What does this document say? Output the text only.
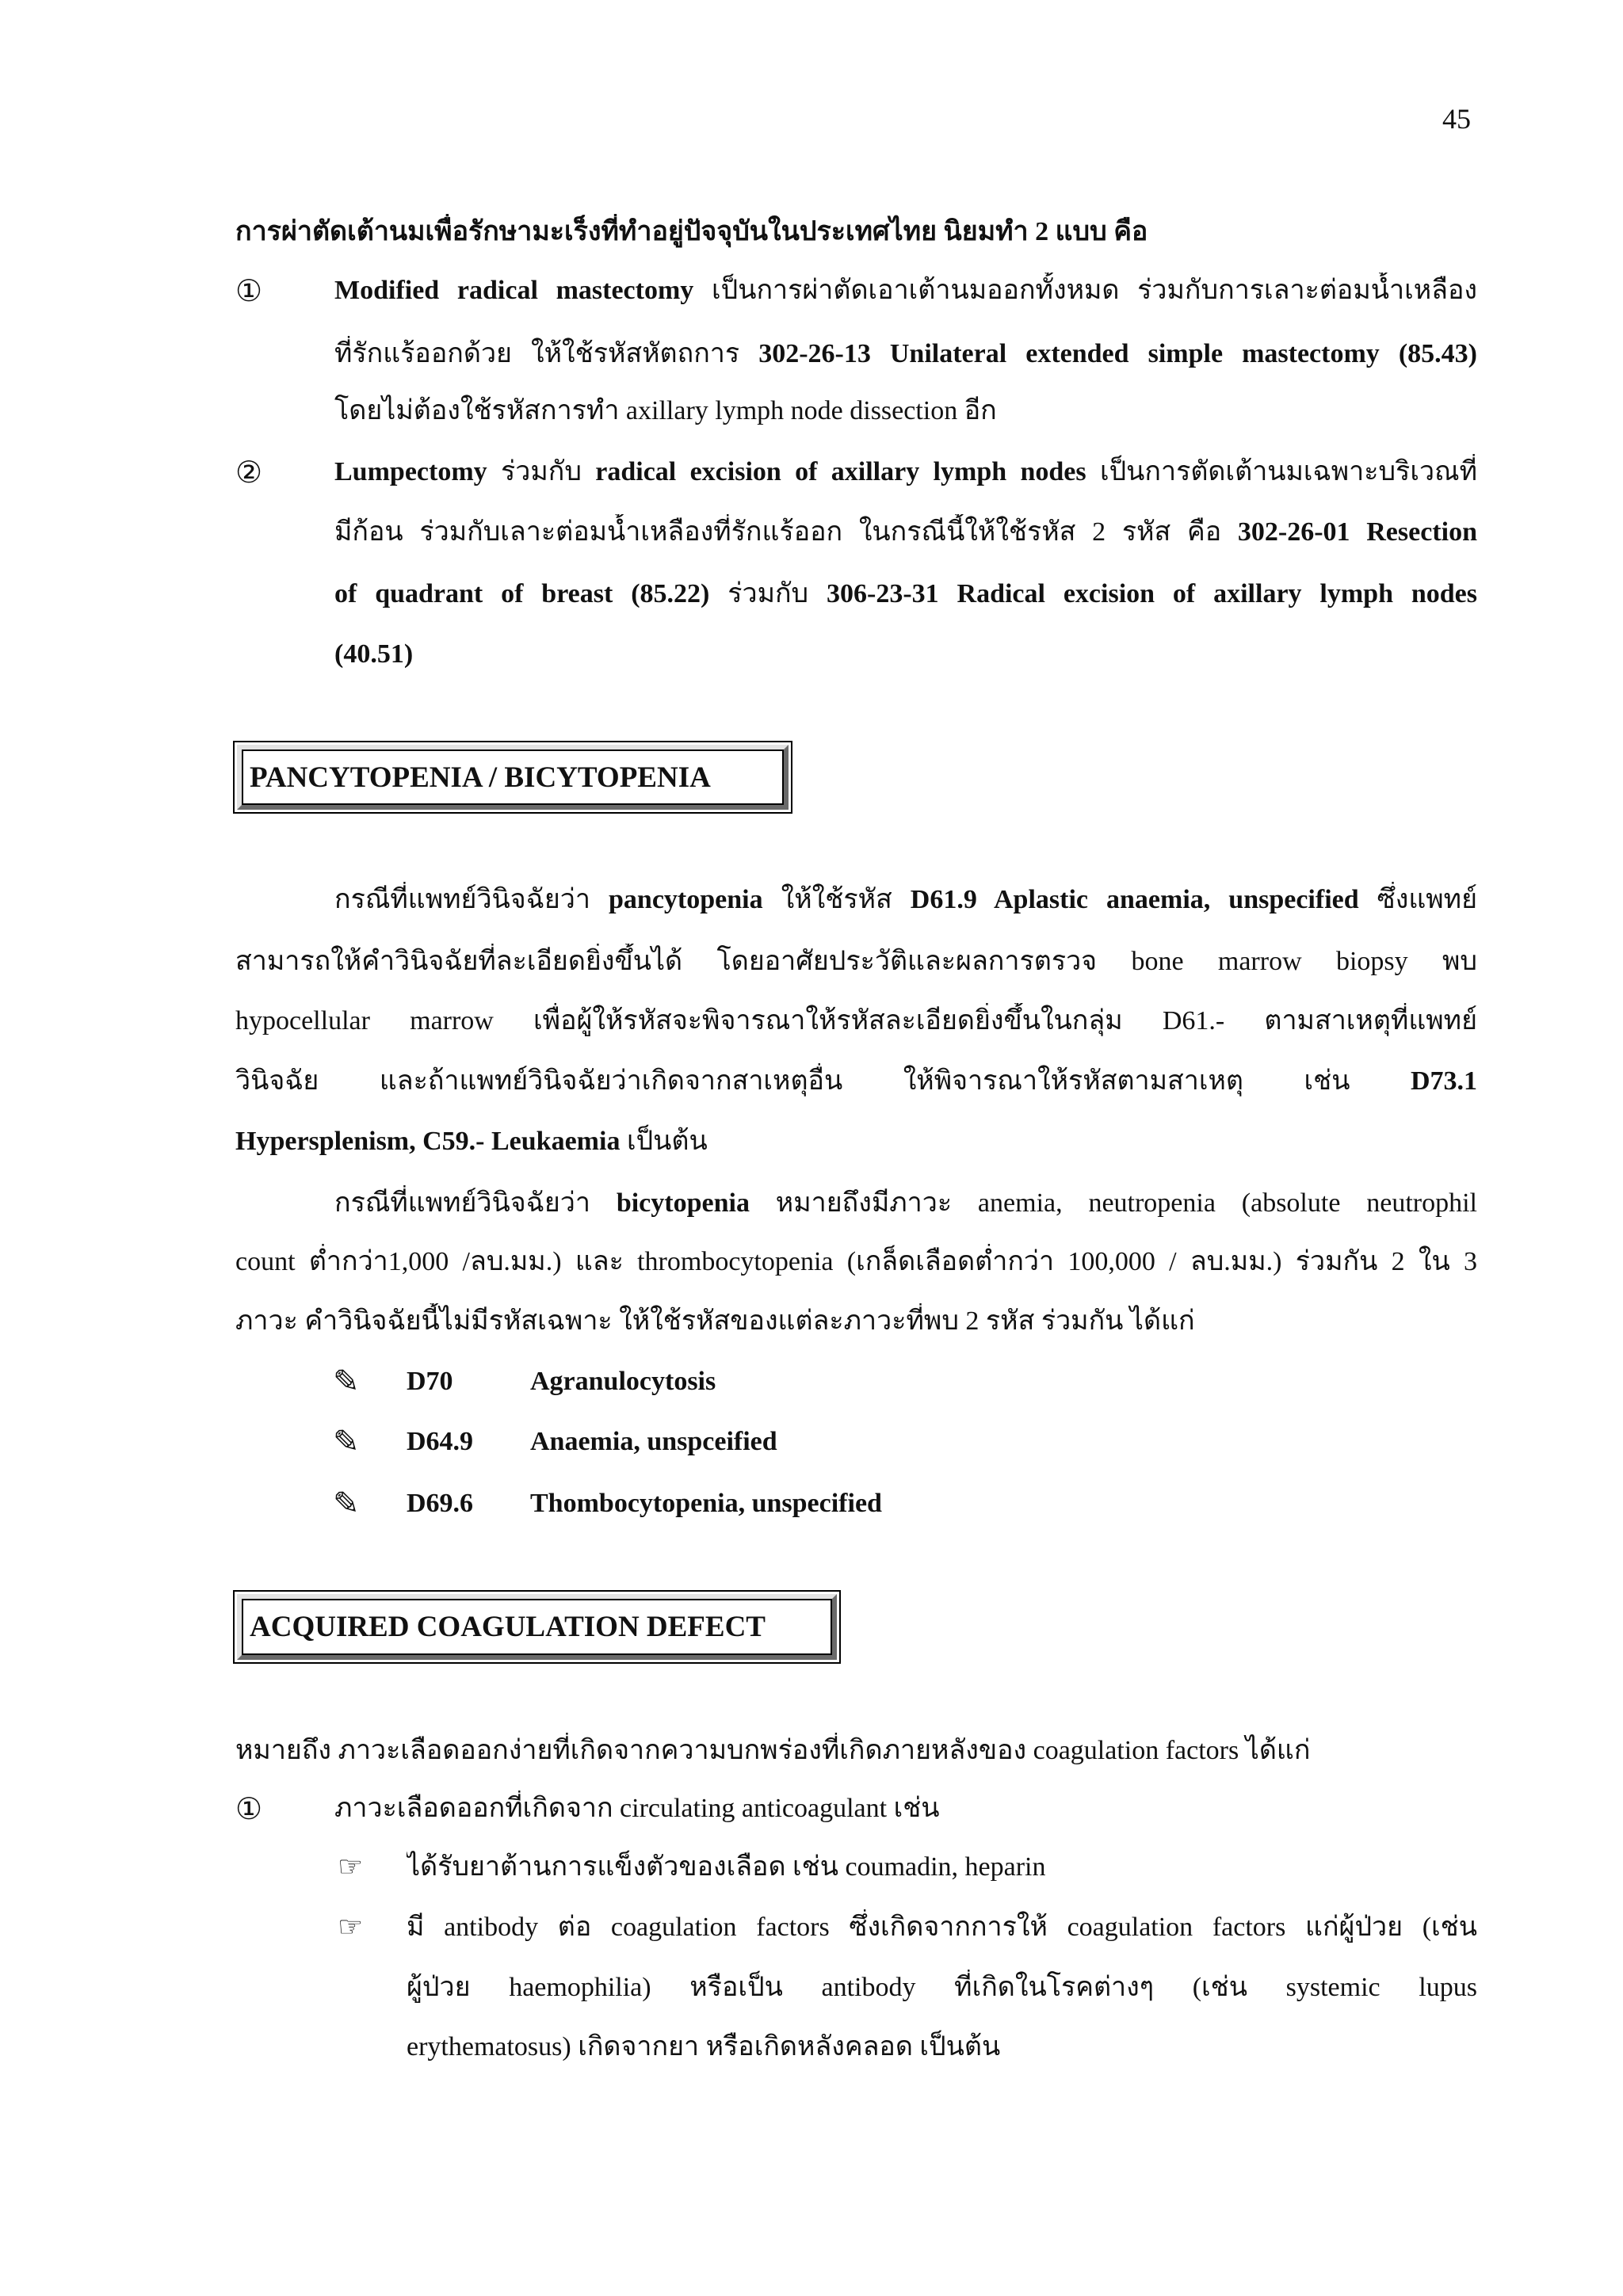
45
การผ่าตัดเต้านมเพื่อรักษามะเร็งที่ทำอยู่ปัจจุบันในประเทศไทย นิยมทำ 2 แบบ คือ
①	Modified radical mastectomy เป็นการผ่าตัดเอาเต้านมออกทั้งหมด ร่วมกับการเลาะต่อมน้ำเหลือง
ที่รักแร้ออกด้วย ให้ใช้รหัสหัตถการ 302-26-13 Unilateral extended simple mastectomy (85.43)
โดยไม่ต้องใช้รหัสการทำ axillary lymph node dissection อีก
②	Lumpectomy ร่วมกับ radical excision of axillary lymph nodes เป็นการตัดเต้านมเฉพาะบริเวณที่
มีก้อน ร่วมกับเลาะต่อมน้ำเหลืองที่รักแร้ออก ในกรณีนี้ให้ใช้รหัส 2 รหัส คือ 302-26-01 Resection
of quadrant of breast (85.22) ร่วมกับ 306-23-31 Radical excision of axillary lymph nodes
(40.51)
PANCYTOPENIA / BICYTOPENIA
กรณีที่แพทย์วินิจฉัยว่า pancytopenia ให้ใช้รหัส D61.9 Aplastic anaemia, unspecified ซึ่งแพทย์
สามารถให้คำวินิจฉัยที่ละเอียดยิ่งขึ้นได้ โดยอาศัยประวัติและผลการตรวจ bone marrow biopsy พบ
hypocellular marrow เพื่อผู้ให้รหัสจะพิจารณาให้รหัสละเอียดยิ่งขึ้นในกลุ่ม D61.- ตามสาเหตุที่แพทย์
วินิจฉัย และถ้าแพทย์วินิจฉัยว่าเกิดจากสาเหตุอื่น ให้พิจารณาให้รหัสตามสาเหตุ เช่น D73.1
Hypersplenism, C59.- Leukaemia เป็นต้น
กรณีที่แพทย์วินิจฉัยว่า bicytopenia หมายถึงมีภาวะ anemia, neutropenia (absolute neutrophil
count ต่ำกว่า1,000 /ลบ.มม.) และ thrombocytopenia (เกล็ดเลือดต่ำกว่า 100,000 / ลบ.มม.) ร่วมกัน 2 ใน 3
ภาวะ คำวินิจฉัยนี้ไม่มีรหัสเฉพาะ ให้ใช้รหัสของแต่ละภาวะที่พบ 2 รหัส ร่วมกัน ได้แก่
✎ D70	Agranulocytosis
✎ D64.9 Anaemia, unspceified
✎ D69.6 Thombocytopenia, unspecified
ACQUIRED COAGULATION DEFECT
หมายถึง ภาวะเลือดออกง่ายที่เกิดจากความบกพร่องที่เกิดภายหลังของ coagulation factors ได้แก่
①	ภาวะเลือดออกที่เกิดจาก circulating anticoagulant เช่น
☞ ได้รับยาต้านการแข็งตัวของเลือด เช่น coumadin, heparin
☞ มี antibody ต่อ coagulation factors ซึ่งเกิดจากการให้ coagulation factors แก่ผู้ป่วย (เช่น
ผู้ป่วย haemophilia) หรือเป็น antibody ที่เกิดในโรคต่างๆ (เช่น systemic lupus
erythematosus) เกิดจากยา หรือเกิดหลังคลอด เป็นต้น
